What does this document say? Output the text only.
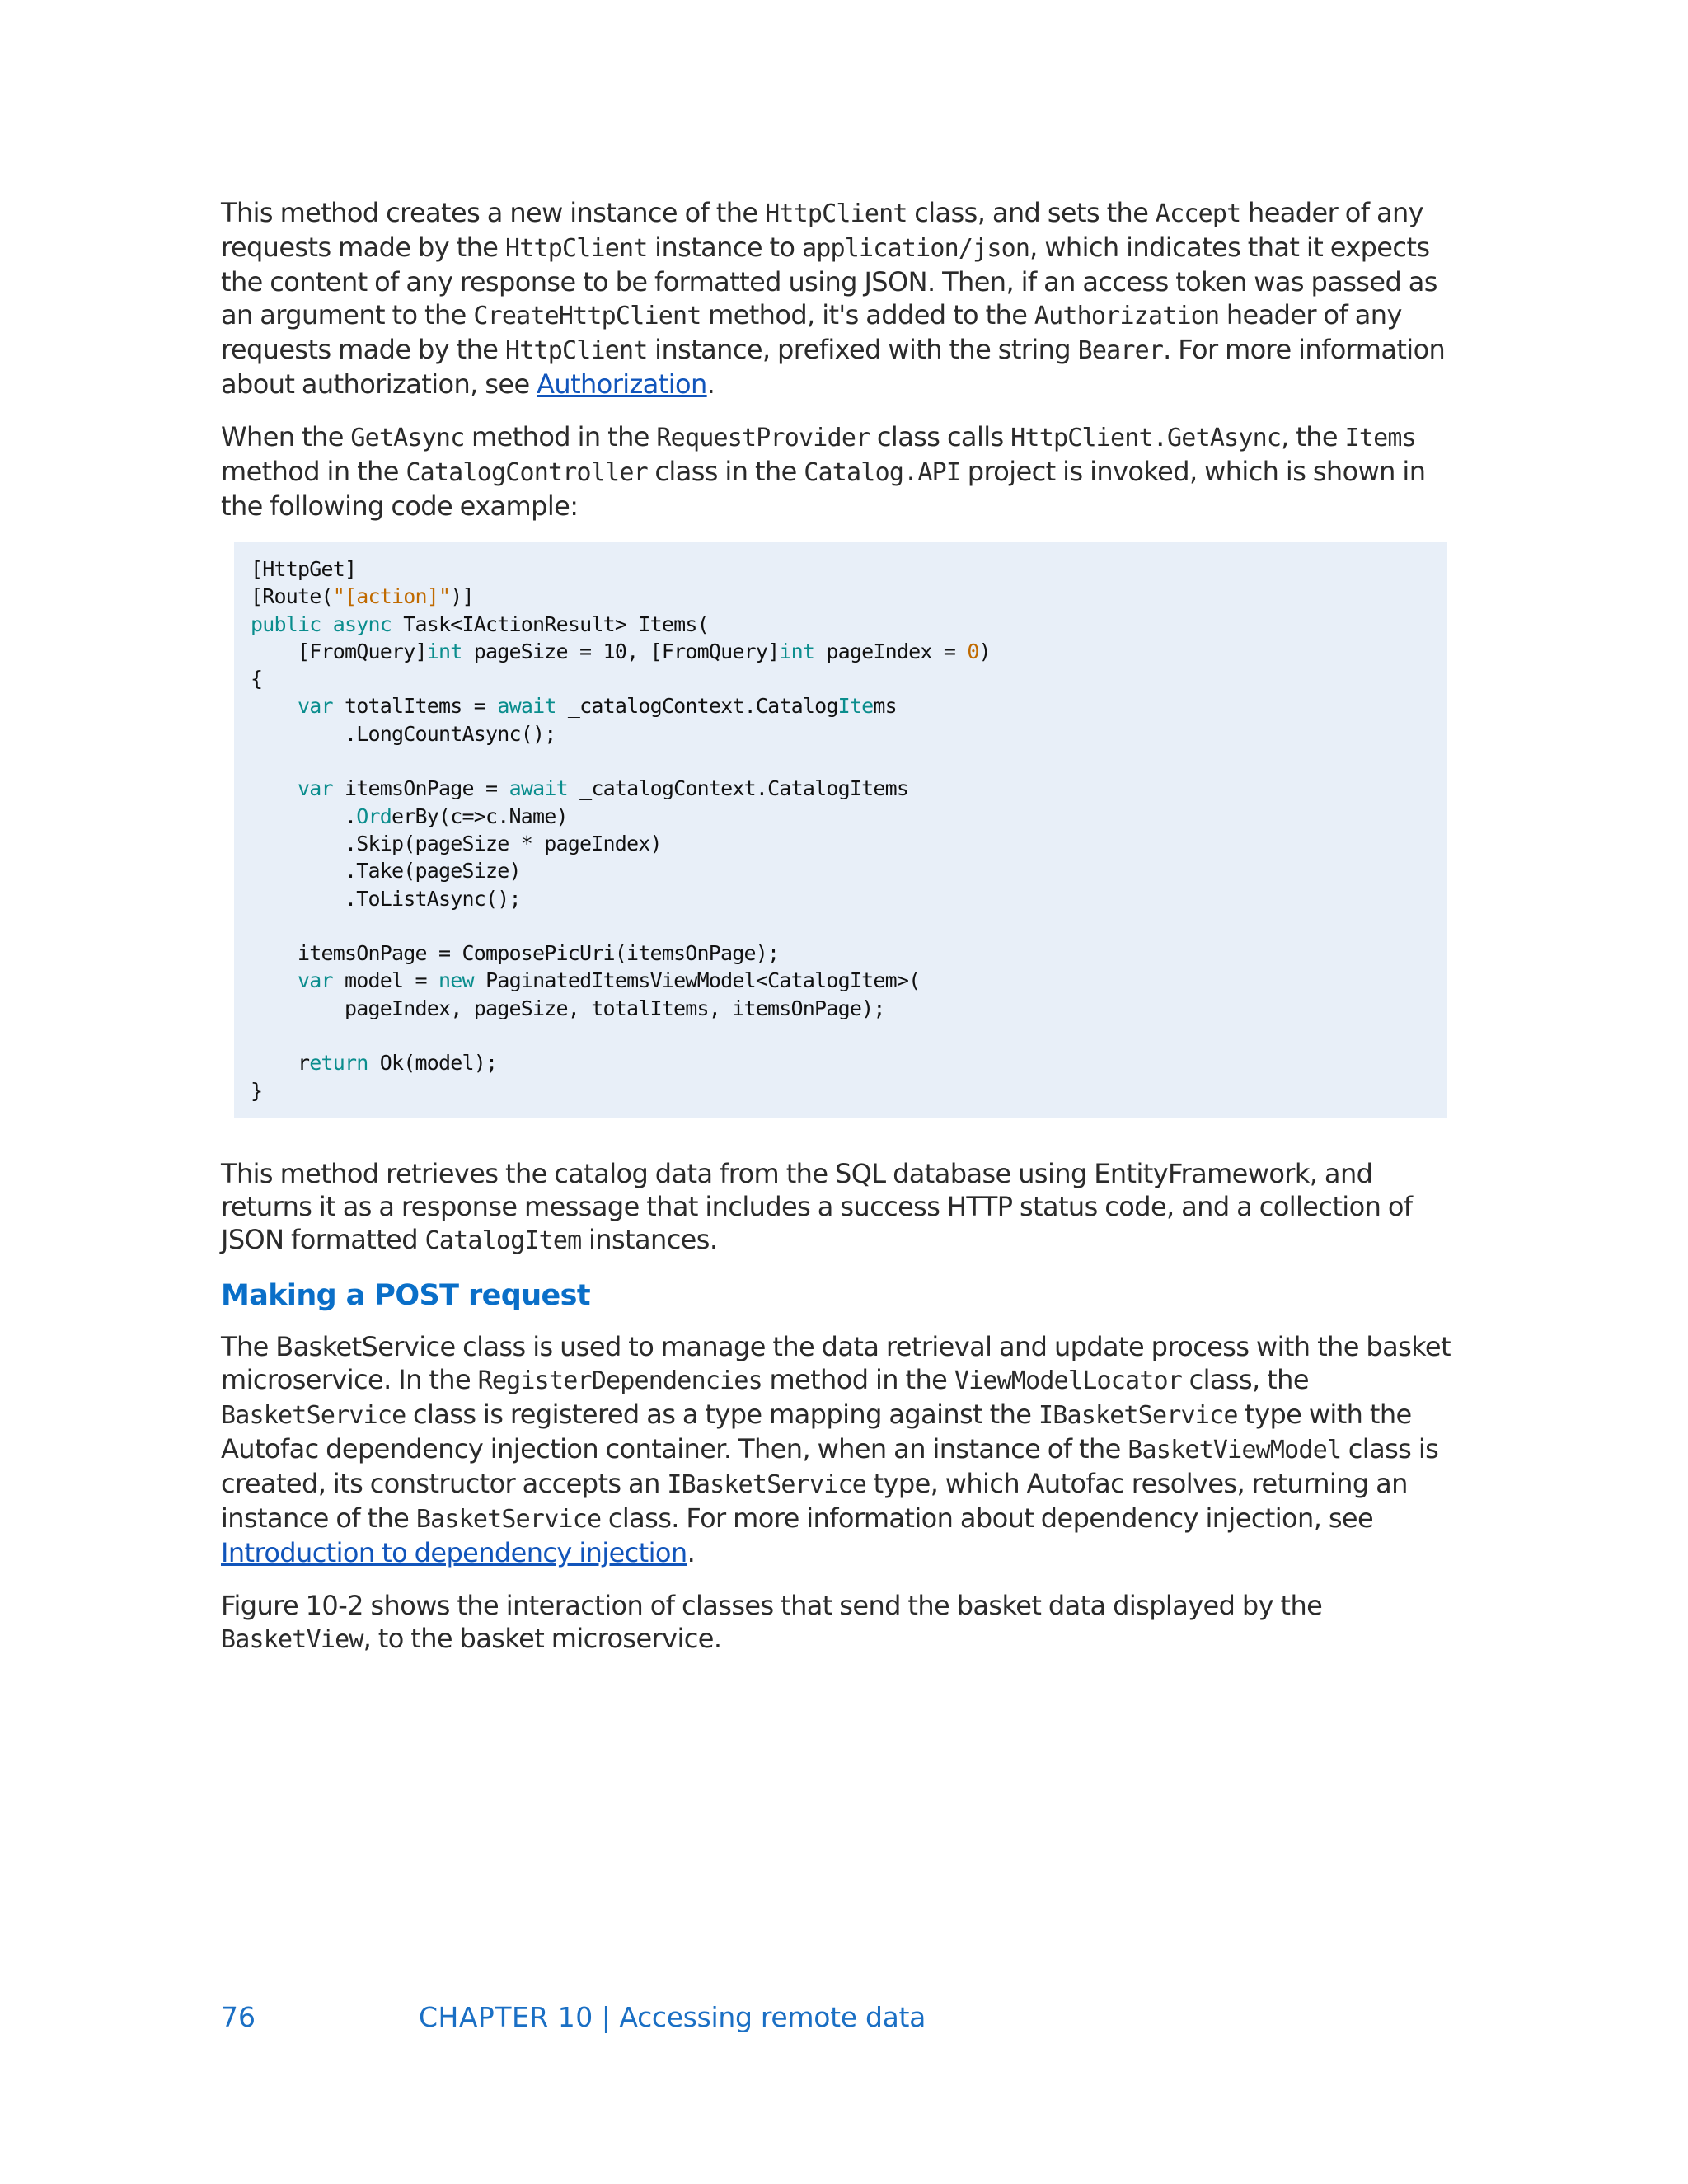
This method creates a new instance of the HttpClient class, and sets the Accept header of any requests made by the HttpClient instance to application/json, which indicates that it expects the content of any response to be formatted using JSON. Then, if an access token was passed as an argument to the CreateHttpClient method, it's added to the Authorization header of any requests made by the HttpClient instance, prefixed with the string Bearer. For more information about authorization, see Authorization.

When the GetAsync method in the RequestProvider class calls HttpClient.GetAsync, the Items method in the CatalogController class in the Catalog.API project is invoked, which is shown in the following code example:

[HttpGet]
[Route("[action]")]
public async Task<IActionResult> Items(
[FromQuery]int pageSize = 10, [FromQuery]int pageIndex = 0)
{
var totalItems = await _catalogContext.CatalogItems
.LongCountAsync();
var itemsOnPage = await _catalogContext.CatalogItems
.OrderBy(c=>c.Name)
.Skip(pageSize * pageIndex)
.Take(pageSize)
.ToListAsync();
itemsOnPage = ComposePicUri(itemsOnPage);
var model = new PaginatedItemsViewModel<CatalogItem>(
pageIndex, pageSize, totalItems, itemsOnPage);
return Ok(model);
}

This method retrieves the catalog data from the SQL database using EntityFramework, and returns it as a response message that includes a success HTTP status code, and a collection of JSON formatted CatalogItem instances.

Making a POST request

The BasketService class is used to manage the data retrieval and update process with the basket microservice. In the RegisterDependencies method in the ViewModelLocator class, the BasketService class is registered as a type mapping against the IBasketService type with the Autofac dependency injection container. Then, when an instance of the BasketViewModel class is created, its constructor accepts an IBasketService type, which Autofac resolves, returning an instance of the BasketService class. For more information about dependency injection, see Introduction to dependency injection.

Figure 10-2 shows the interaction of classes that send the basket data displayed by the BasketView, to the basket microservice.

76	CHAPTER 10 | Accessing remote data
